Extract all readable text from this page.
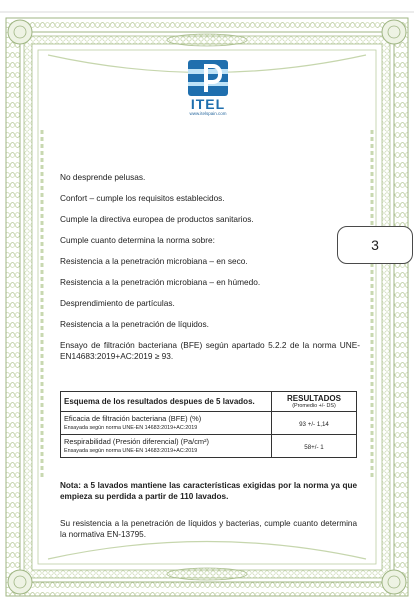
ITEL
www.itelspain.com
3

No desprende pelusas.

Confort – cumple los requisitos establecidos.

Cumple la directiva europea de productos sanitarios.

Cumple cuanto determina la norma sobre:

Resistencia a la penetración microbiana – en seco.

Resistencia a la penetración microbiana – en húmedo.

Desprendimiento de partículas.

Resistencia a la penetración de líquidos.

Ensayo de filtración bacteriana (BFE) según apartado 5.2.2 de la norma UNE-EN14683:2019+AC:2019 ≥ 93.

Esquema de los resultados despues de 5 lavados.	RESULTADOS
(Promedio +/- DS)

Eficacia de filtración bacteriana (BFE) (%)
Ensayada según norma UNE-EN 14683:2019+AC:2019	93 +/- 1,14

Respirabilidad (Presión diferencial) (Pa/cm²)
Ensayada según norma UNE-EN 14683:2019+AC:2019	58+/- 1

Nota: a 5 lavados mantiene las características exigidas por la norma ya que empieza su perdida a partir de 110 lavados.

Su resistencia a la penetración de líquidos y bacterias, cumple cuanto determina la normativa EN-13795.
